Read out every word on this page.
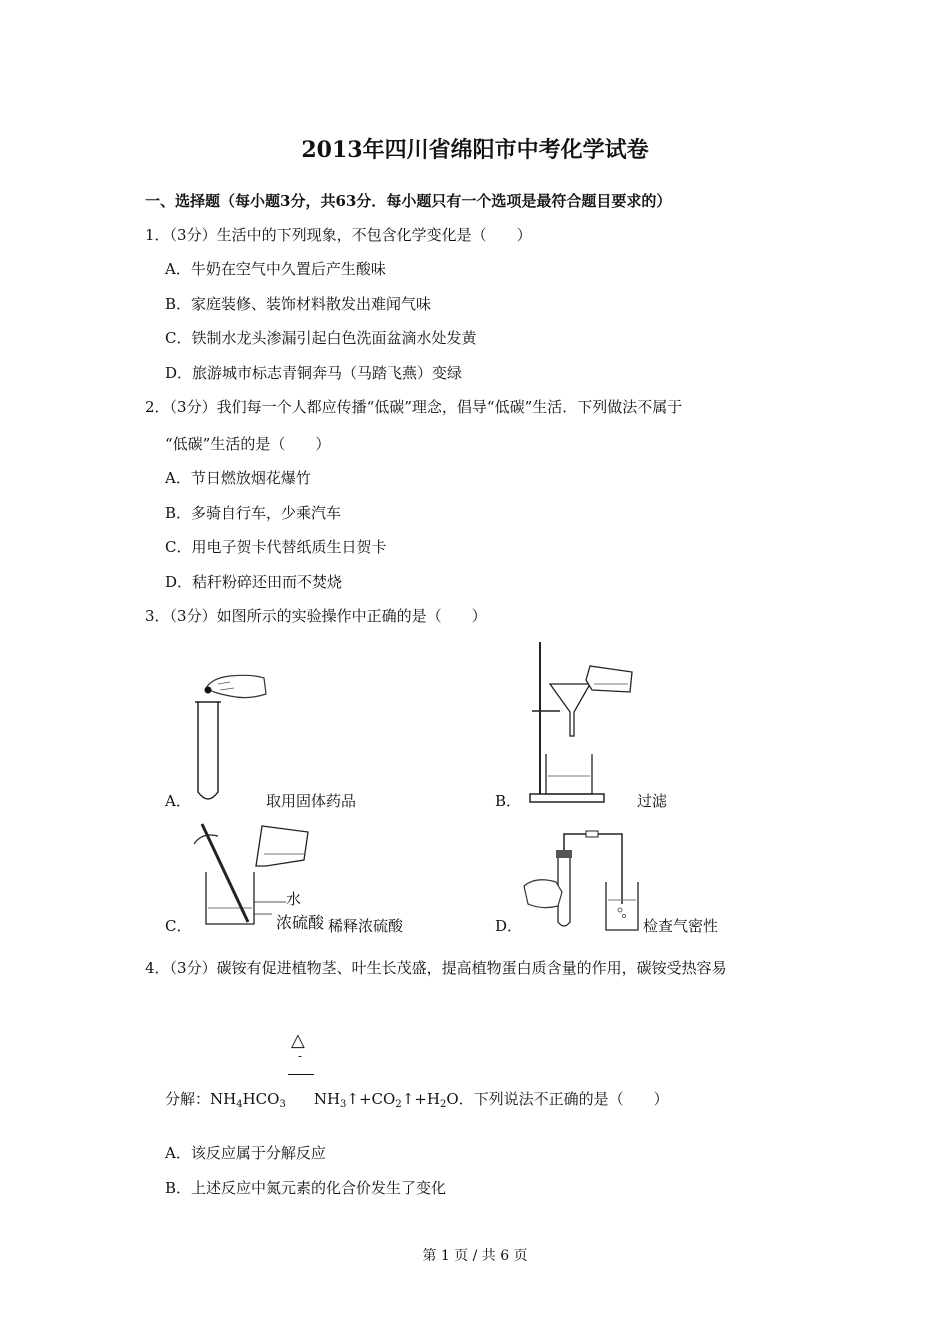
2013年四川省绵阳市中考化学试卷
一、选择题（每小题3分，共63分．每小题只有一个选项是最符合题目要求的）
1．（3分）生活中的下列现象，不包含化学变化是（　　）
A．牛奶在空气中久置后产生酸味
B．家庭装修、装饰材料散发出难闻气味
C．铁制水龙头渗漏引起白色洗面盆滴水处发黄
D．旅游城市标志青铜奔马（马踏飞燕）变绿
2．（3分）我们每一个人都应传播“低碳”理念，倡导“低碳”生活．下列做法不属于
“低碳”生活的是（　　）
A．节日燃放烟花爆竹
B．多骑自行车，少乘汽车
C．用电子贺卡代替纸质生日贺卡
D．秸秆粉碎还田而不焚烧
3．（3分）如图所示的实验操作中正确的是（　　）
A．	取用固体药品	B．	过滤
水
浓硫酸
C．	稀释浓硫酸	D．	检查气密性
4．（3分）碳铵有促进植物茎、叶生长茂盛，提高植物蛋白质含量的作用，碳铵受热容易
△
-
分解：$NH_4HCO_3$ $NH_3↑+CO_2↑+H_2O$．下列说法不正确的是（　　）
A．该反应属于分解反应
B．上述反应中氮元素的化合价发生了变化
第 1 页 / 共 6 页
